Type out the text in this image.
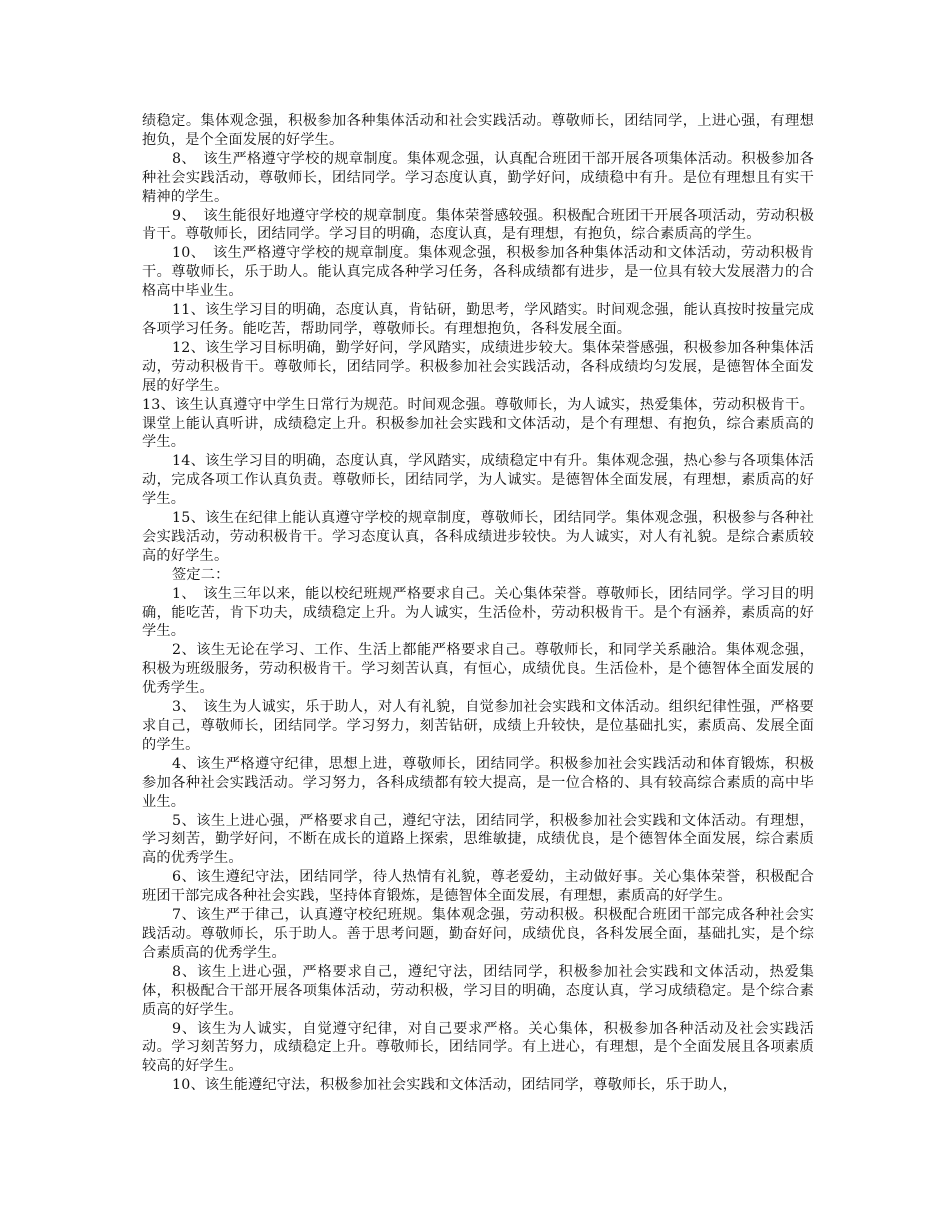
绩稳定。集体观念强，积极参加各种集体活动和社会实践活动。尊敬师长，团结同学，上进心强，有理想抱负，是个全面发展的好学生。

8、　该生严格遵守学校的规章制度。集体观念强，认真配合班团干部开展各项集体活动。积极参加各种社会实践活动，尊敬师长，团结同学。学习态度认真，勤学好问，成绩稳中有升。是位有理想且有实干精神的学生。

9、　该生能很好地遵守学校的规章制度。集体荣誉感较强。积极配合班团干开展各项活动，劳动积极肯干。尊敬师长，团结同学。学习目的明确，态度认真，是有理想，有抱负，综合素质高的学生。

10、　该生严格遵守学校的规章制度。集体观念强，积极参加各种集体活动和文体活动，劳动积极肯干。尊敬师长，乐于助人。能认真完成各种学习任务，各科成绩都有进步，是一位具有较大发展潜力的合格高中毕业生。

11、该生学习目的明确，态度认真，肯钻研，勤思考，学风踏实。时间观念强，能认真按时按量完成各项学习任务。能吃苦，帮助同学，尊敬师长。有理想抱负，各科发展全面。

12、该生学习目标明确，勤学好问，学风踏实，成绩进步较大。集体荣誉感强，积极参加各种集体活动，劳动积极肯干。尊敬师长，团结同学。积极参加社会实践活动，各科成绩均匀发展，是德智体全面发展的好学生。

13、该生认真遵守中学生日常行为规范。时间观念强。尊敬师长，为人诚实，热爱集体，劳动积极肯干。课堂上能认真听讲，成绩稳定上升。积极参加社会实践和文体活动，是个有理想、有抱负，综合素质高的学生。

14、该生学习目的明确，态度认真，学风踏实，成绩稳定中有升。集体观念强，热心参与各项集体活动，完成各项工作认真负责。尊敬师长，团结同学，为人诚实。是德智体全面发展，有理想，素质高的好学生。

15、该生在纪律上能认真遵守学校的规章制度，尊敬师长，团结同学。集体观念强，积极参与各种社会实践活动，劳动积极肯干。学习态度认真，各科成绩进步较快。为人诚实，对人有礼貌。是综合素质较高的好学生。

签定二：

1、　该生三年以来，能以校纪班规严格要求自己。关心集体荣誉。尊敬师长，团结同学。学习目的明确，能吃苦，肯下功夫，成绩稳定上升。为人诚实，生活俭朴，劳动积极肯干。是个有涵养，素质高的好学生。

2、该生无论在学习、工作、生活上都能严格要求自己。尊敬师长，和同学关系融洽。集体观念强，积极为班级服务，劳动积极肯干。学习刻苦认真，有恒心，成绩优良。生活俭朴，是个德智体全面发展的优秀学生。

3、　该生为人诚实，乐于助人，对人有礼貌，自觉参加社会实践和文体活动。组织纪律性强，严格要求自己，尊敬师长，团结同学。学习努力，刻苦钻研，成绩上升较快，是位基础扎实，素质高、发展全面的学生。

4、该生严格遵守纪律，思想上进，尊敬师长，团结同学。积极参加社会实践活动和体育锻炼，积极参加各种社会实践活动。学习努力，各科成绩都有较大提高，是一位合格的、具有较高综合素质的高中毕业生。

5、该生上进心强，严格要求自己，遵纪守法，团结同学，积极参加社会实践和文体活动。有理想，学习刻苦，勤学好问，不断在成长的道路上探索，思维敏捷，成绩优良，是个德智体全面发展，综合素质高的优秀学生。

6、该生遵纪守法，团结同学，待人热情有礼貌，尊老爱幼，主动做好事。关心集体荣誉，积极配合班团干部完成各种社会实践，坚持体育锻炼，是德智体全面发展，有理想，素质高的好学生。

7、该生严于律己，认真遵守校纪班规。集体观念强，劳动积极。积极配合班团干部完成各种社会实践活动。尊敬师长，乐于助人。善于思考问题，勤奋好问，成绩优良，各科发展全面，基础扎实，是个综合素质高的优秀学生。

8、该生上进心强，严格要求自己，遵纪守法，团结同学，积极参加社会实践和文体活动，热爱集体，积极配合干部开展各项集体活动，劳动积极，学习目的明确，态度认真，学习成绩稳定。是个综合素质高的好学生。

9、该生为人诚实，自觉遵守纪律，对自己要求严格。关心集体，积极参加各种活动及社会实践活动。学习刻苦努力，成绩稳定上升。尊敬师长，团结同学。有上进心，有理想，是个全面发展且各项素质较高的好学生。

10、该生能遵纪守法，积极参加社会实践和文体活动，团结同学，尊敬师长，乐于助人，
